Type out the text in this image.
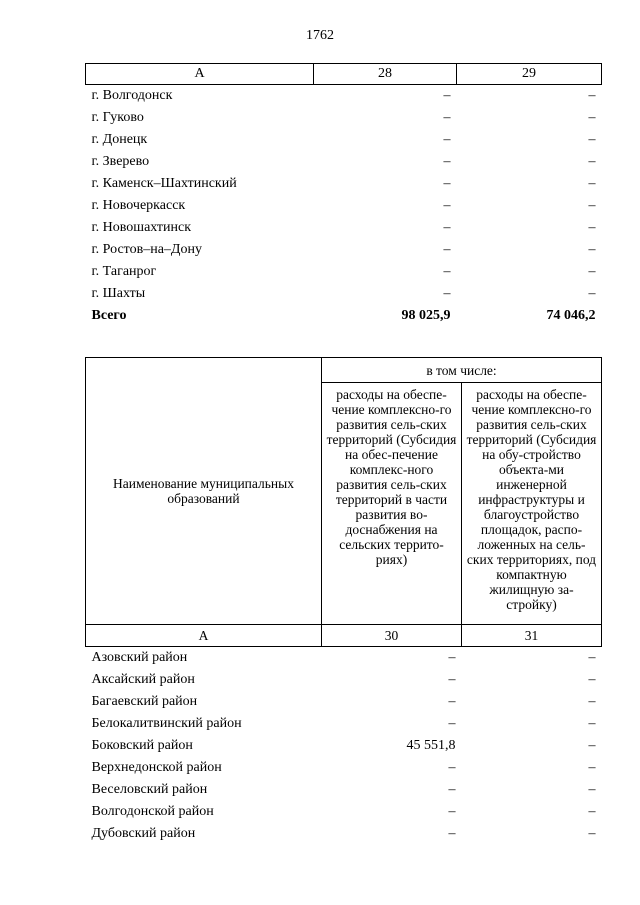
1762
А	28	29
г. Волгодонск	–	–
г. Гуково	–	–
г. Донецк	–	–
г. Зверево	–	–
г. Каменск–Шахтинский	–	–
г. Новочеркасск	–	–
г. Новошахтинск	–	–
г. Ростов–на–Дону	–	–
г. Таганрог	–	–
г. Шахты	–	–
Всего	98 025,9	74 046,2
Наименование муниципальных образований	в том числе:	
	расходы на обеспе-чение комплексно-го развития сель-ских территорий (Субсидия на обес-печение комплекс-ного развития сель-ских территорий в части развития во-доснабжения на сельских террито-риях)	расходы на обеспе-чение комплексно-го развития сель-ских территорий (Субсидия на обу-стройство объекта-ми инженерной инфраструктуры и благоустройство площадок, распо-ложенных на сель-ских территориях, под компактную жилищную за-стройку)
А	30	31
Азовский район	–	–
Аксайский район	–	–
Багаевский район	–	–
Белокалитвинский район	–	–
Боковский район	45 551,8	–
Верхнедонской район	–	–
Веселовский район	–	–
Волгодонской район	–	–
Дубовский район	–	–
